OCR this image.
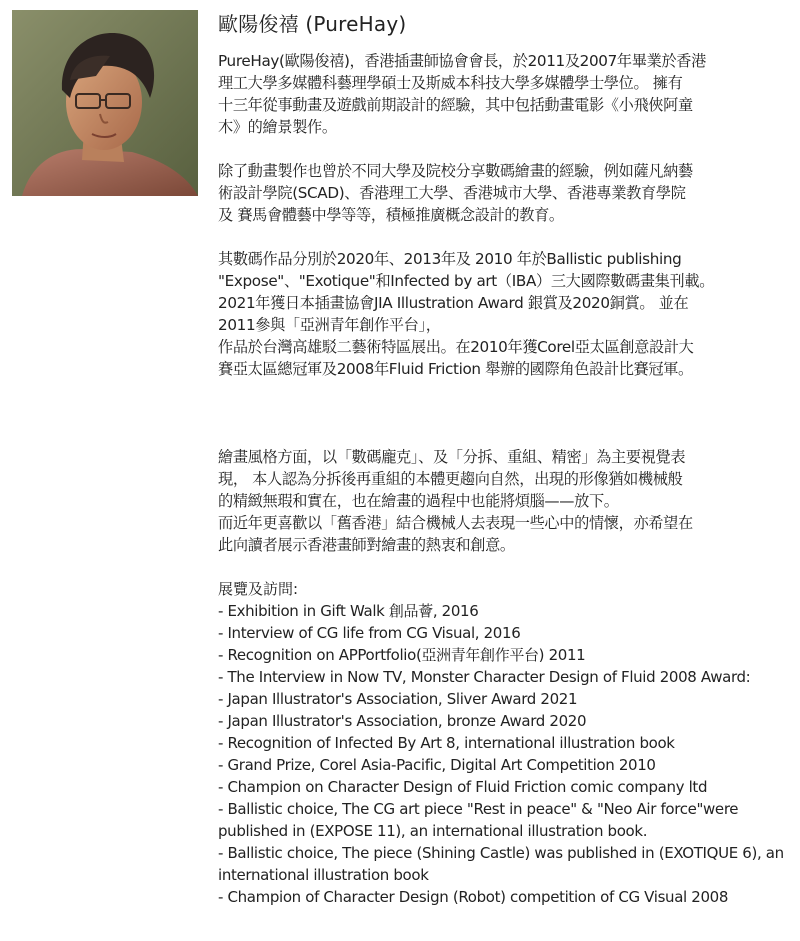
歐陽俊禧 (PureHay)

PureHay(歐陽俊禧)，香港插畫師協會會長，於2011及2007年畢業於香港
理工大學多媒體科藝理學碩士及斯威本科技大學多媒體學士學位。 擁有
十三年從事動畫及遊戲前期設計的經驗，其中包括動畫電影《小飛俠阿童
木》的繪景製作。

除了動畫製作也曾於不同大學及院校分享數碼繪畫的經驗，例如薩凡納藝
術設計學院(SCAD)、香港理工大學、香港城市大學、香港專業教育學院
及 賽馬會體藝中學等等，積極推廣概念設計的教育。

其數碼作品分別於2020年、2013年及 2010 年於Ballistic publishing
"Expose"、"Exotique"和Infected by art（IBA）三大國際數碼畫集刊載。
2021年獲日本插畫協會JIA Illustration Award 銀賞及2020銅賞。 並在
2011參與「亞洲青年創作平台」，
作品於台灣高雄駁二藝術特區展出。在2010年獲Corel亞太區創意設計大
賽亞太區總冠軍及2008年Fluid Friction 舉辦的國際角色設計比賽冠軍。

繪畫風格方面，以「數碼龐克」、及「分拆、重組、精密」為主要視覺表
現， 本人認為分拆後再重組的本體更趨向自然，出現的形像猶如機械般
的精緻無瑕和實在，也在繪畫的過程中也能將煩腦——放下。
而近年更喜歡以「舊香港」結合機械人去表現一些心中的情懷，亦希望在
此向讀者展示香港畫師對繪畫的熱衷和創意。

展覽及訪問:

- Exhibition in Gift Walk 創品薈, 2016
- Interview of CG life from CG Visual, 2016
- Recognition on APPortfolio(亞洲青年創作平台) 2011
- The Interview in Now TV, Monster Character Design of Fluid 2008 Award:
- Japan Illustrator's Association, Sliver Award 2021
- Japan Illustrator's Association, bronze Award 2020
- Recognition of Infected By Art 8, international illustration book
- Grand Prize, Corel Asia-Pacific, Digital Art Competition 2010
- Champion on Character Design of Fluid Friction comic company ltd
- Ballistic choice, The CG art piece "Rest in peace" & "Neo Air force"were published in (EXPOSE 11), an international illustration book.
- Ballistic choice, The piece (Shining Castle) was published in (EXOTIQUE 6), an international illustration book
- Champion of Character Design (Robot) competition of CG Visual 2008
